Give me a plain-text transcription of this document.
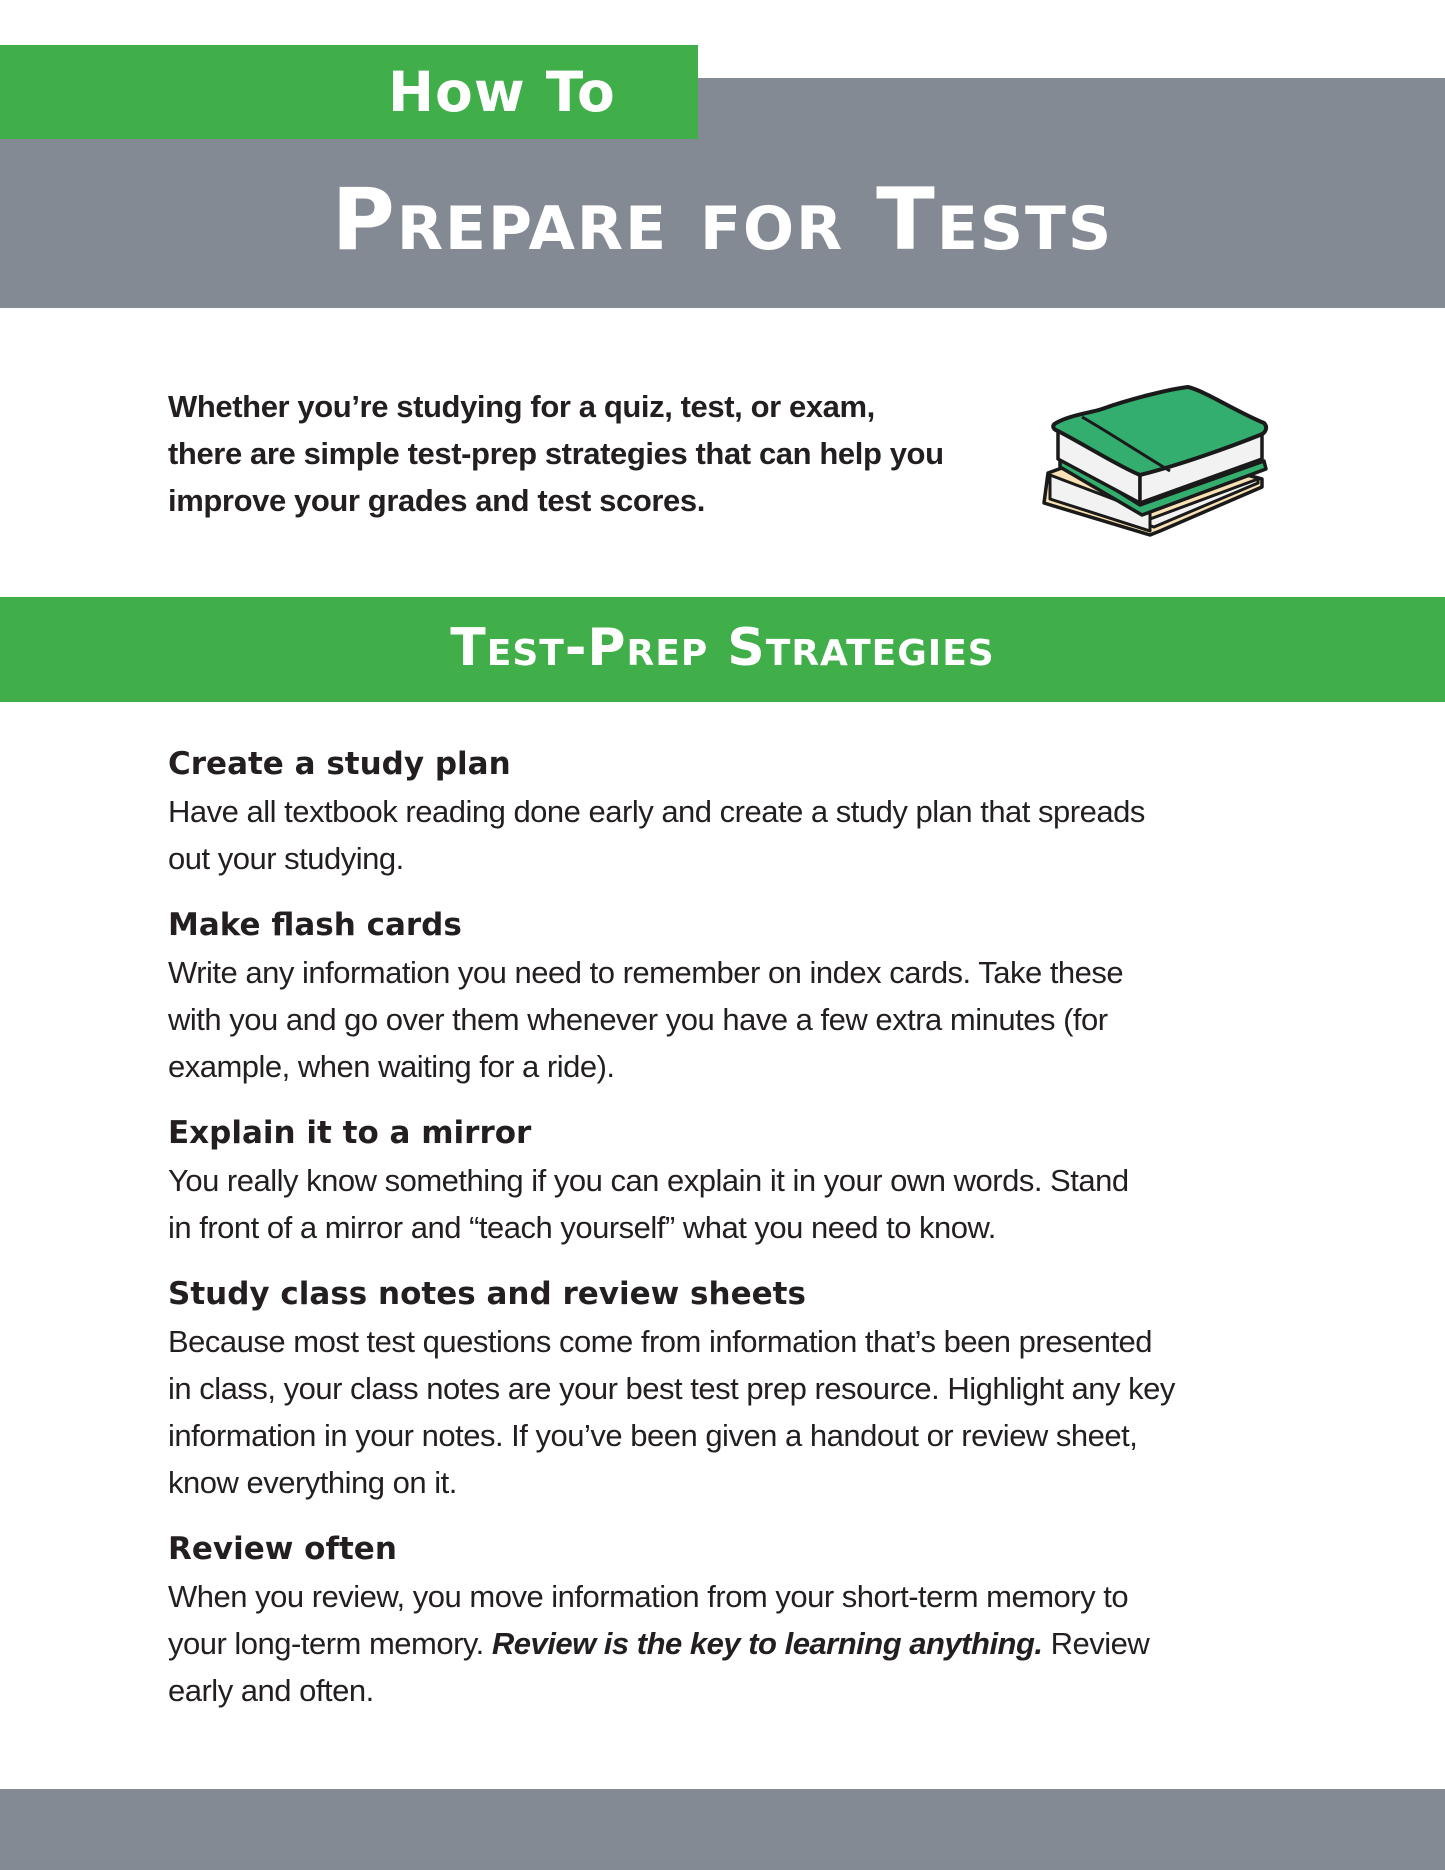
How To
Prepare for Tests
Whether you’re studying for a quiz, test, or exam,
there are simple test-prep strategies that can help you
improve your grades and test scores.
Test-Prep Strategies
Create a study plan
Have all textbook reading done early and create a study plan that spreads
out your studying.
Make flash cards
Write any information you need to remember on index cards. Take these
with you and go over them whenever you have a few extra minutes (for
example, when waiting for a ride).
Explain it to a mirror
You really know something if you can explain it in your own words. Stand
in front of a mirror and “teach yourself” what you need to know.
Study class notes and review sheets
Because most test questions come from information that’s been presented
in class, your class notes are your best test prep resource. Highlight any key
information in your notes. If you’ve been given a handout or review sheet,
know everything on it.
Review often
When you review, you move information from your short-term memory to
your long-term memory. Review is the key to learning anything. Review
early and often.
